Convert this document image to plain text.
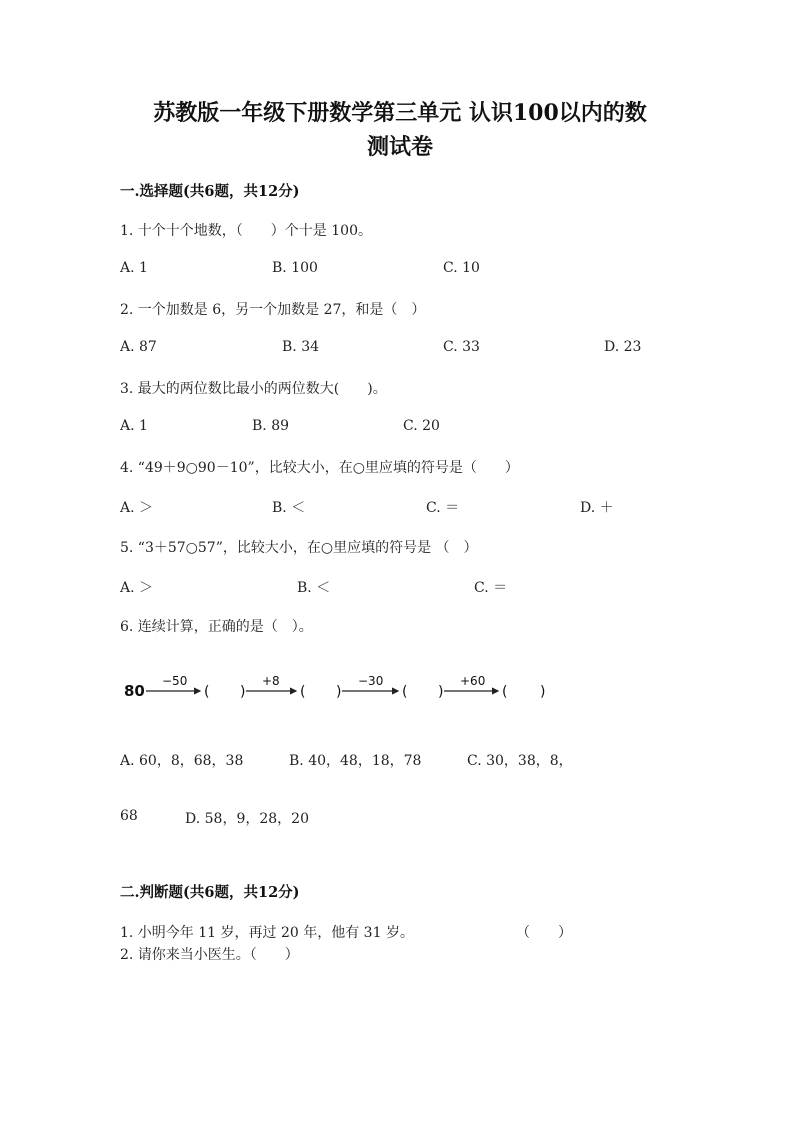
苏教版一年级下册数学第三单元 认识100以内的数
测试卷
一.选择题(共6题，共12分)
1. 十个十个地数，（　　）个十是 100。
A. 1	B. 100	C. 10
2. 一个加数是 6，另一个加数是 27，和是（　）
A. 87	B. 34	C. 33	D. 23
3. 最大的两位数比最小的两位数大(　　)。
A. 1	B. 89	C. 20
4. “49＋9○90－10”，比较大小，在○里应填的符号是（　　）
A. ＞	B. ＜	C. ＝	D. ＋
5. “3＋57○57”，比较大小，在○里应填的符号是 （　）
A. ＞	B. ＜	C. ＝
6. 连续计算，正确的是（　）。
80
−50
( )
+8
( )
−30
( )
+60
( )
A. 60，8，68，38	B. 40，48，18，78	C. 30，38，8，
68	D. 58，9，28，20
二.判断题(共6题，共12分)
1. 小明今年 11 岁，再过 20 年，他有 31 岁。	（　　）
2. 请你来当小医生。（　　）
